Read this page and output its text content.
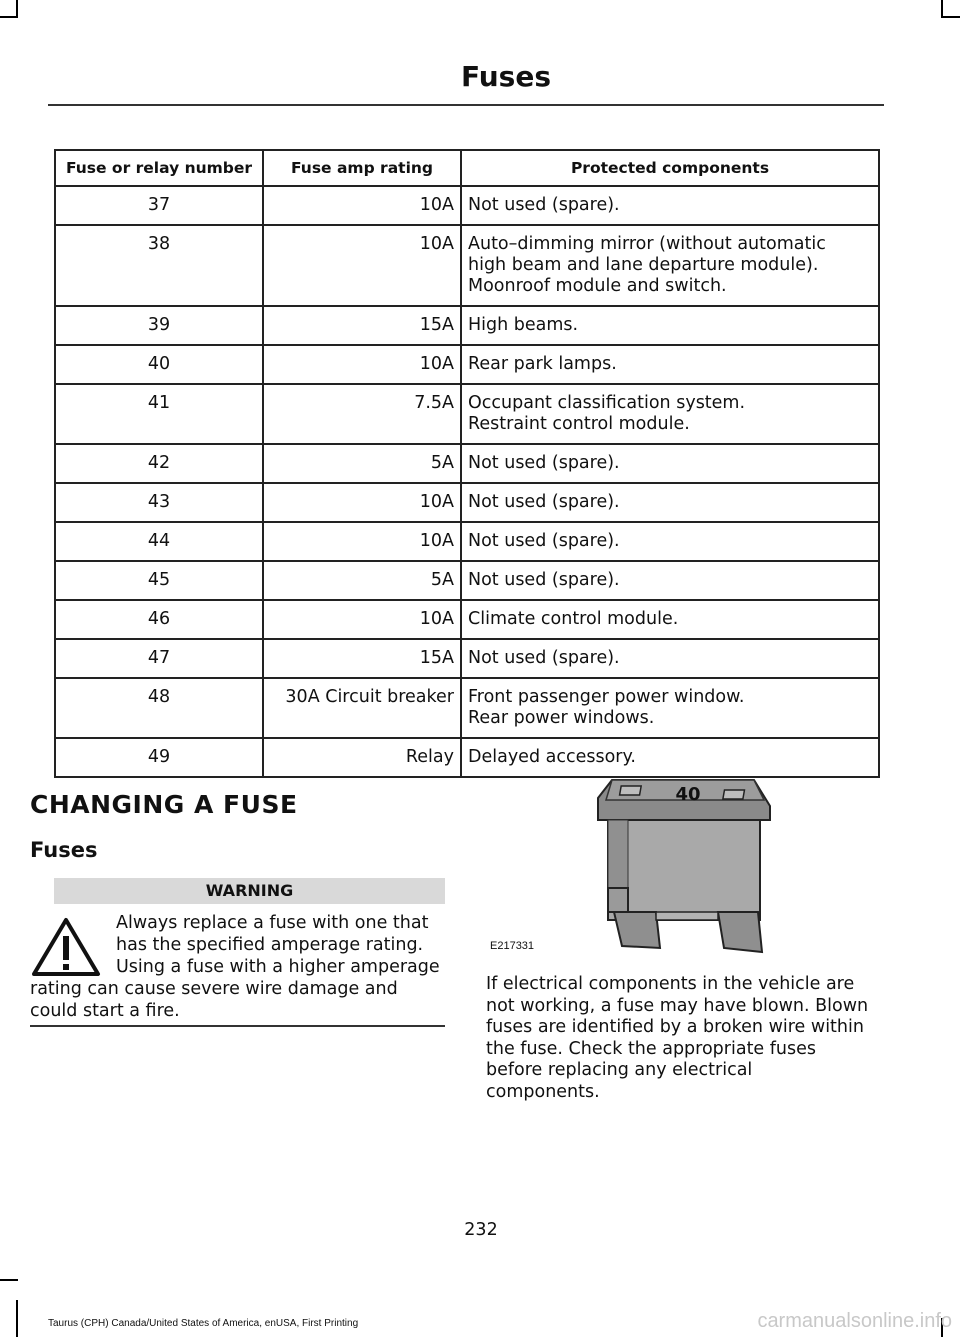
Fuses
Fuse or relay number	Fuse amp rating	Protected components
37	10A	Not used (spare).

38	10A	Auto–dimming mirror (without automatic
high beam and lane departure module).
Moonroof module and switch.

39	15A	High beams.

40	10A	Rear park lamps.

41	7.5A	Occupant classification system.
Restraint control module.

42	5A	Not used (spare).

43	10A	Not used (spare).

44	10A	Not used (spare).

45	5A	Not used (spare).

46	10A	Climate control module.

47	15A	Not used (spare).

48	30A Circuit breaker	Front passenger power window.
Rear power windows.

49	Relay	Delayed accessory.
CHANGING A FUSE
Fuses
WARNING
Always replace a fuse with one that
has the specified amperage rating.
Using a fuse with a higher amperage
rating can cause severe wire damage and
could start a fire.
40
E217331
If electrical components in the vehicle are
not working, a fuse may have blown. Blown
fuses are identified by a broken wire within
the fuse. Check the appropriate fuses
before replacing any electrical
components.
232
Taurus (CPH) Canada/United States of America, enUSA, First Printing	carmanualsonline.info
